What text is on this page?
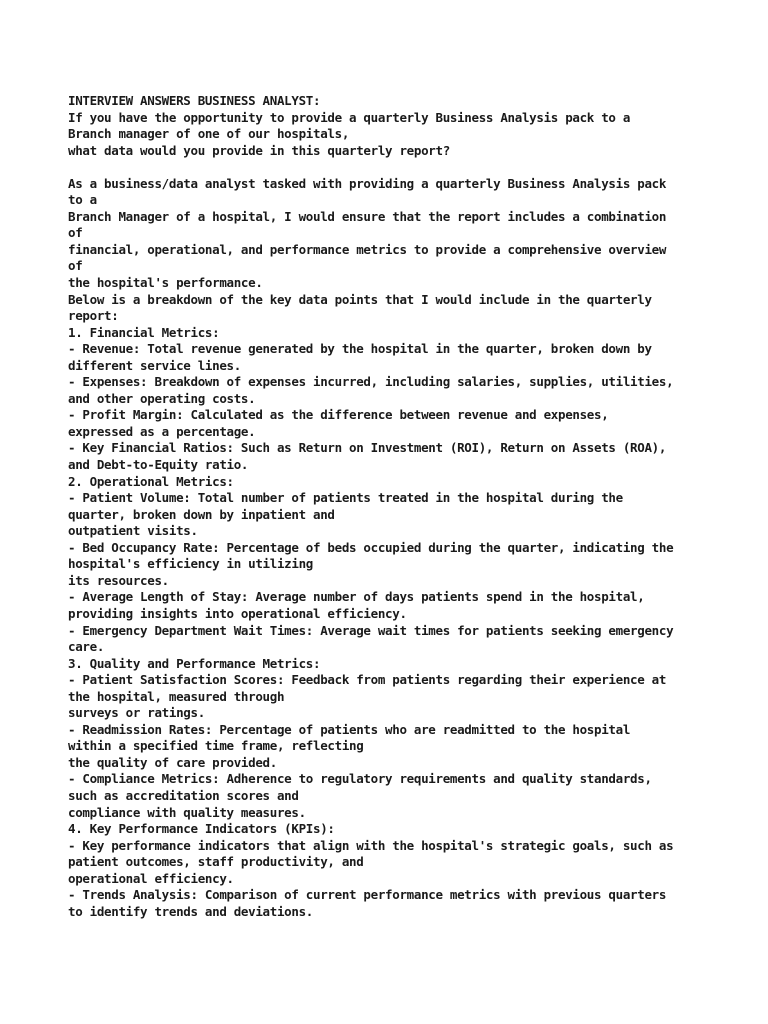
INTERVIEW ANSWERS BUSINESS ANALYST:
If you have the opportunity to provide a quarterly Business Analysis pack to a
Branch manager of one of our hospitals,
what data would you provide in this quarterly report?
As a business/data analyst tasked with providing a quarterly Business Analysis pack
to a
Branch Manager of a hospital, I would ensure that the report includes a combination
of
financial, operational, and performance metrics to provide a comprehensive overview
of
the hospital's performance.
Below is a breakdown of the key data points that I would include in the quarterly
report:
1. Financial Metrics:
- Revenue: Total revenue generated by the hospital in the quarter, broken down by
different service lines.
- Expenses: Breakdown of expenses incurred, including salaries, supplies, utilities,
and other operating costs.
- Profit Margin: Calculated as the difference between revenue and expenses,
expressed as a percentage.
- Key Financial Ratios: Such as Return on Investment (ROI), Return on Assets (ROA),
and Debt-to-Equity ratio.
2. Operational Metrics:
- Patient Volume: Total number of patients treated in the hospital during the
quarter, broken down by inpatient and
outpatient visits.
- Bed Occupancy Rate: Percentage of beds occupied during the quarter, indicating the
hospital's efficiency in utilizing
its resources.
- Average Length of Stay: Average number of days patients spend in the hospital,
providing insights into operational efficiency.
- Emergency Department Wait Times: Average wait times for patients seeking emergency
care.
3. Quality and Performance Metrics:
- Patient Satisfaction Scores: Feedback from patients regarding their experience at
the hospital, measured through
surveys or ratings.
- Readmission Rates: Percentage of patients who are readmitted to the hospital
within a specified time frame, reflecting
the quality of care provided.
- Compliance Metrics: Adherence to regulatory requirements and quality standards,
such as accreditation scores and
compliance with quality measures.
4. Key Performance Indicators (KPIs):
- Key performance indicators that align with the hospital's strategic goals, such as
patient outcomes, staff productivity, and
operational efficiency.
- Trends Analysis: Comparison of current performance metrics with previous quarters
to identify trends and deviations.
